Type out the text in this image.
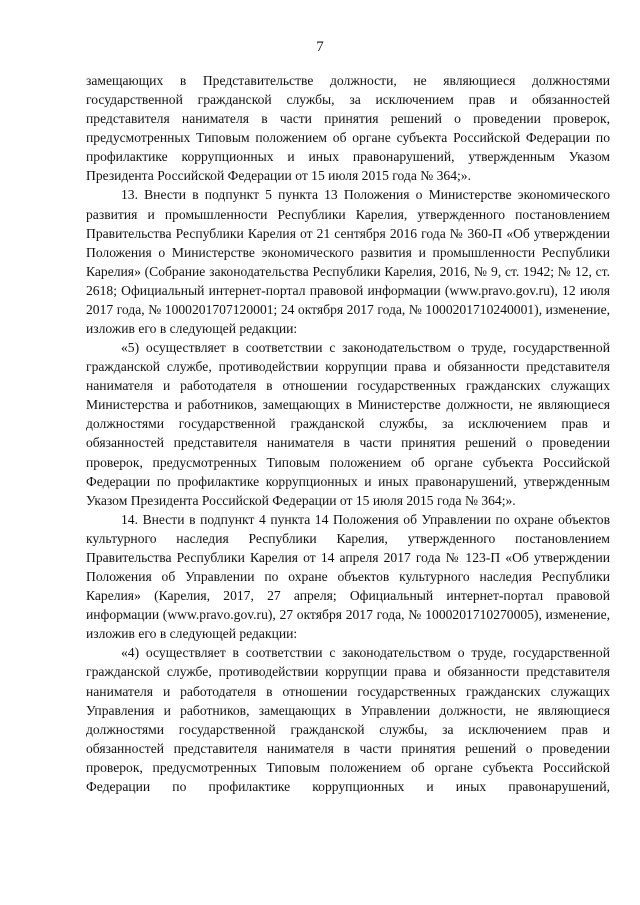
7

замещающих в Представительстве должности, не являющиеся должностями государственной гражданской службы, за исключением прав и обязанностей представителя нанимателя в части принятия решений о проведении проверок, предусмотренных Типовым положением об органе субъекта Российской Федерации по профилактике коррупционных и иных правонарушений, утвержденным Указом Президента Российской Федерации от 15 июля 2015 года № 364;».

13. Внести в подпункт 5 пункта 13 Положения о Министерстве экономического развития и промышленности Республики Карелия, утвержденного постановлением Правительства Республики Карелия от 21 сентября 2016 года № 360-П «Об утверждении Положения о Министерстве экономического развития и промышленности Республики Карелия» (Собрание законодательства Республики Карелия, 2016, № 9, ст. 1942; № 12, ст. 2618; Официальный интернет-портал правовой информации (www.pravo.gov.ru), 12 июля 2017 года, № 1000201707120001; 24 октября 2017 года, № 1000201710240001), изменение, изложив его в следующей редакции:

«5) осуществляет в соответствии с законодательством о труде, государственной гражданской службе, противодействии коррупции права и обязанности представителя нанимателя и работодателя в отношении государственных гражданских служащих Министерства и работников, замещающих в Министерстве должности, не являющиеся должностями государственной гражданской службы, за исключением прав и обязанностей представителя нанимателя в части принятия решений о проведении проверок, предусмотренных Типовым положением об органе субъекта Российской Федерации по профилактике коррупционных и иных правонарушений, утвержденным Указом Президента Российской Федерации от 15 июля 2015 года № 364;».

14. Внести в подпункт 4 пункта 14 Положения об Управлении по охране объектов культурного наследия Республики Карелия, утвержденного постановлением Правительства Республики Карелия от 14 апреля 2017 года № 123-П «Об утверждении Положения об Управлении по охране объектов культурного наследия Республики Карелия» (Карелия, 2017, 27 апреля; Официальный интернет-портал правовой информации (www.pravo.gov.ru), 27 октября 2017 года, № 1000201710270005), изменение, изложив его в следующей редакции:

«4) осуществляет в соответствии с законодательством о труде, государственной гражданской службе, противодействии коррупции права и обязанности представителя нанимателя и работодателя в отношении государственных гражданских служащих Управления и работников, замещающих в Управлении должности, не являющиеся должностями государственной гражданской службы, за исключением прав и обязанностей представителя нанимателя в части принятия решений о проведении проверок, предусмотренных Типовым положением об органе субъекта Российской Федерации по профилактике коррупционных и иных правонарушений,
